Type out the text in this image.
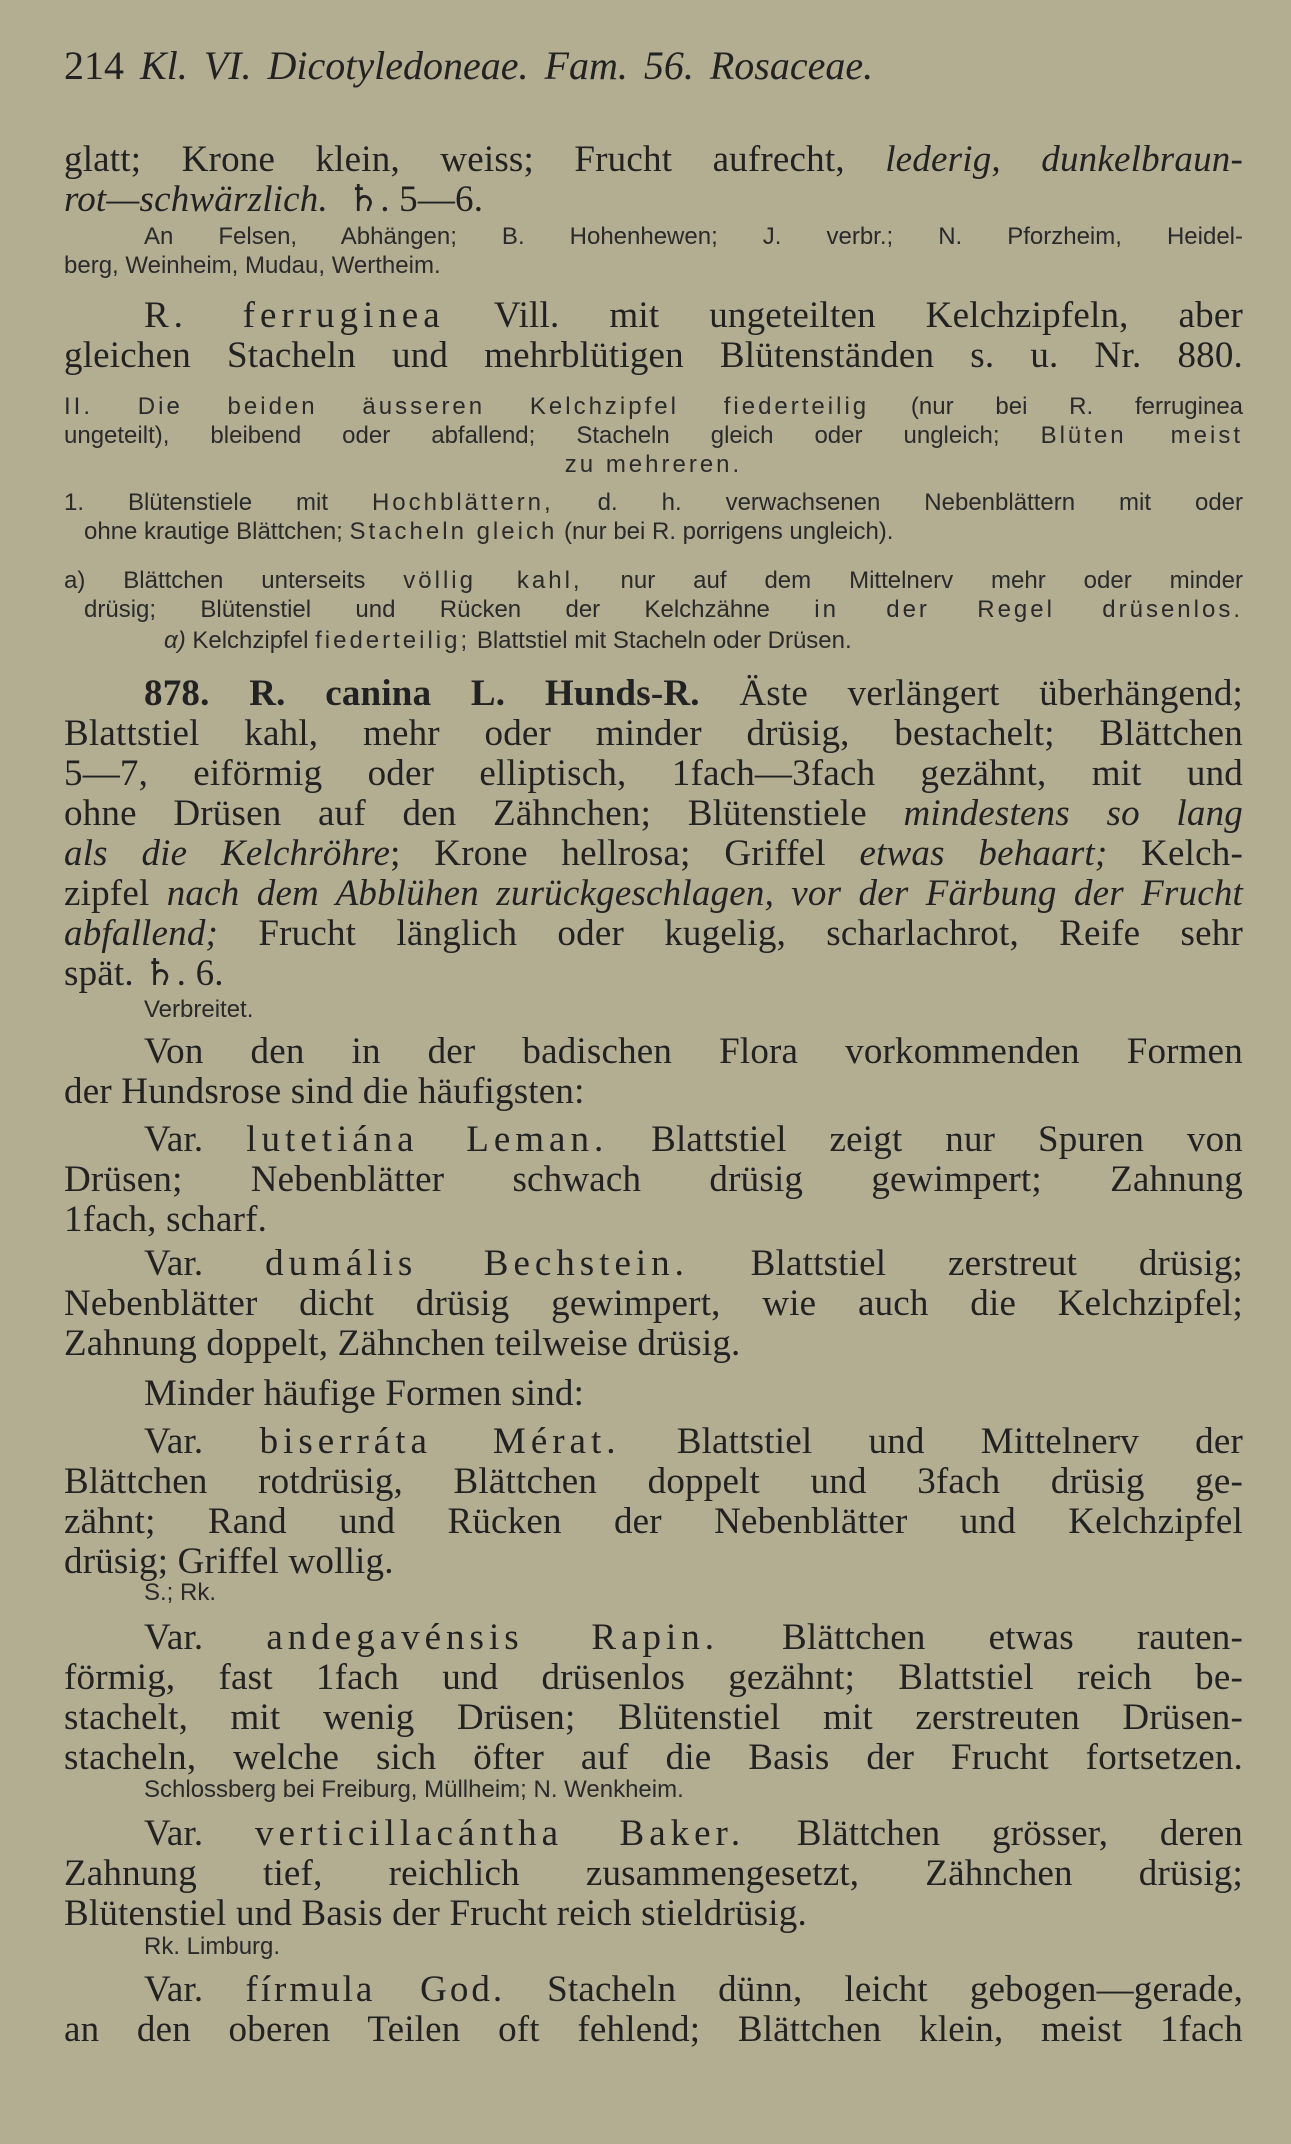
214 Kl. VI. Dicotyledoneae. Fam. 56. Rosaceae.
glatt; Krone klein, weiss; Frucht aufrecht, lederig, dunkelbraun-
rot—schwärzlich. ♄. 5—6.
An Felsen, Abhängen; B. Hohenhewen; J. verbr.; N. Pforzheim, Heidel-
berg, Weinheim, Mudau, Wertheim.
R. ferruginea Vill. mit ungeteilten Kelchzipfeln, aber
gleichen Stacheln und mehrblütigen Blütenständen s. u. Nr. 880.
II. Die beiden äusseren Kelchzipfel fiederteilig (nur bei R. ferruginea
ungeteilt), bleibend oder abfallend; Stacheln gleich oder ungleich; Blüten meist
zu mehreren.
1. Blütenstiele mit Hochblättern, d. h. verwachsenen Nebenblättern mit oder
ohne krautige Blättchen; Stacheln gleich (nur bei R. porrigens ungleich).
a) Blättchen unterseits völlig kahl, nur auf dem Mittelnerv mehr oder minder
drüsig; Blütenstiel und Rücken der Kelchzähne in der Regel drüsenlos.
α) Kelchzipfel fiederteilig; Blattstiel mit Stacheln oder Drüsen.
878. R. canina L. Hunds-R. Äste verlängert überhängend;
Blattstiel kahl, mehr oder minder drüsig, bestachelt; Blättchen
5—7, eiförmig oder elliptisch, 1fach—3fach gezähnt, mit und
ohne Drüsen auf den Zähnchen; Blütenstiele mindestens so lang
als die Kelchröhre; Krone hellrosa; Griffel etwas behaart; Kelch-
zipfel nach dem Abblühen zurückgeschlagen, vor der Färbung der Frucht
abfallend; Frucht länglich oder kugelig, scharlachrot, Reife sehr
spät. ♄. 6.
Verbreitet.
Von den in der badischen Flora vorkommenden Formen
der Hundsrose sind die häufigsten:
Var. lutetiána Leman. Blattstiel zeigt nur Spuren von
Drüsen; Nebenblätter schwach drüsig gewimpert; Zahnung
1fach, scharf.
Var. dumális Bechstein. Blattstiel zerstreut drüsig;
Nebenblätter dicht drüsig gewimpert, wie auch die Kelchzipfel;
Zahnung doppelt, Zähnchen teilweise drüsig.
Minder häufige Formen sind:
Var. biserráta Mérat. Blattstiel und Mittelnerv der
Blättchen rotdrüsig, Blättchen doppelt und 3fach drüsig ge-
zähnt; Rand und Rücken der Nebenblätter und Kelchzipfel
drüsig; Griffel wollig.
S.; Rk.
Var. andegavénsis Rapin. Blättchen etwas rauten-
förmig, fast 1fach und drüsenlos gezähnt; Blattstiel reich be-
stachelt, mit wenig Drüsen; Blütenstiel mit zerstreuten Drüsen-
stacheln, welche sich öfter auf die Basis der Frucht fortsetzen.
Schlossberg bei Freiburg, Müllheim; N. Wenkheim.
Var. verticillacántha Baker. Blättchen grösser, deren
Zahnung tief, reichlich zusammengesetzt, Zähnchen drüsig;
Blütenstiel und Basis der Frucht reich stieldrüsig.
Rk. Limburg.
Var. fírmula God. Stacheln dünn, leicht gebogen—gerade,
an den oberen Teilen oft fehlend; Blättchen klein, meist 1fach
